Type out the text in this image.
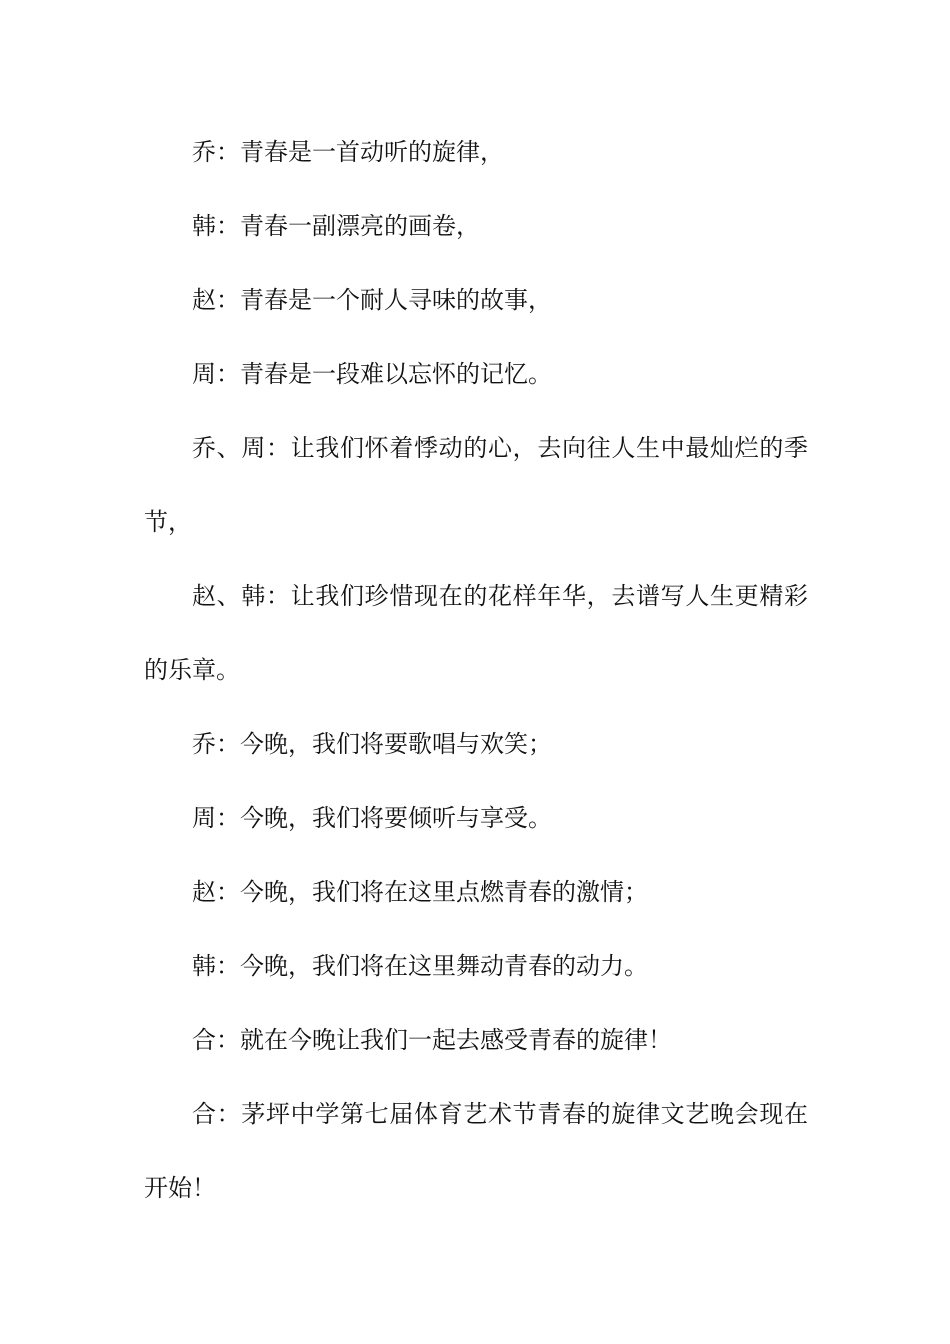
乔：青春是一首动听的旋律，

韩：青春一副漂亮的画卷，

赵：青春是一个耐人寻味的故事，

周：青春是一段难以忘怀的记忆。

乔、周：让我们怀着悸动的心，去向往人生中最灿烂的季

节，

赵、韩：让我们珍惜现在的花样年华，去谱写人生更精彩

的乐章。

乔：今晚，我们将要歌唱与欢笑；

周：今晚，我们将要倾听与享受。

赵：今晚，我们将在这里点燃青春的激情；

韩：今晚，我们将在这里舞动青春的动力。

合：就在今晚让我们一起去感受青春的旋律！

合：茅坪中学第七届体育艺术节青春的旋律文艺晚会现在

开始！
